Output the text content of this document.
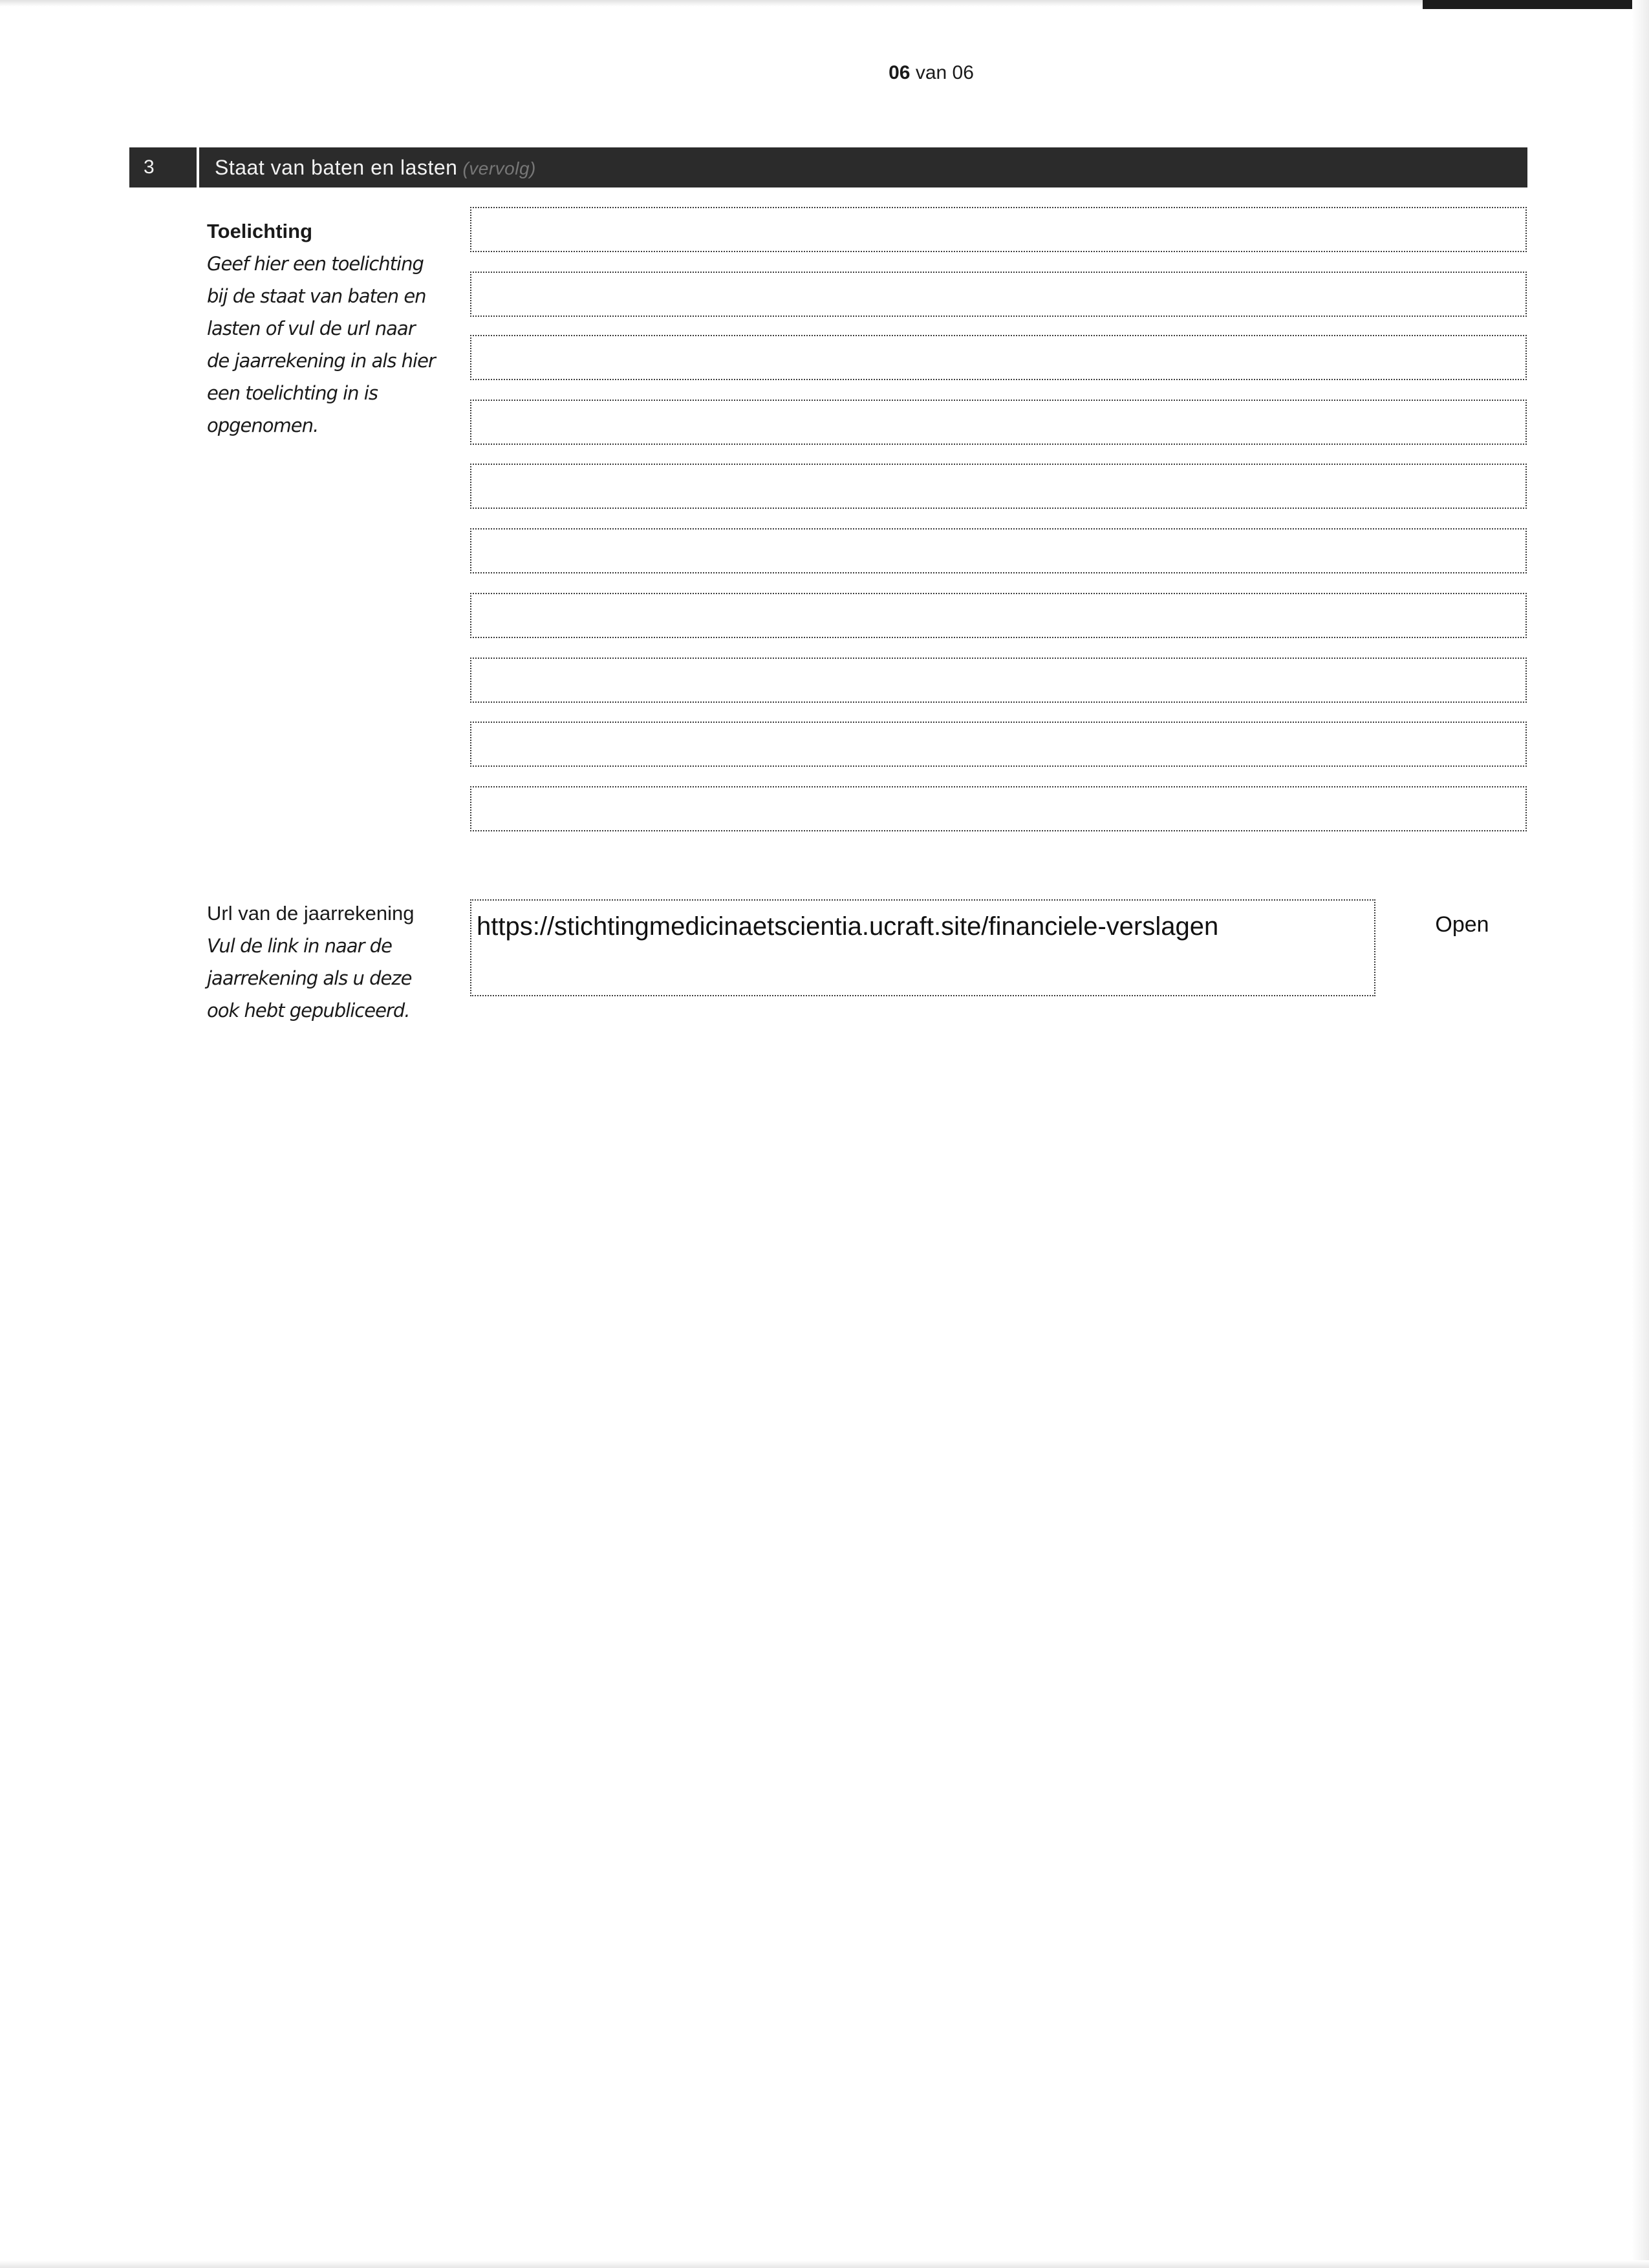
06 van 06
3	Staat van baten en lasten (vervolg)
Toelichting
Geef hier een toelichting
bij de staat van baten en
lasten of vul de url naar
de jaarrekening in als hier
een toelichting in is
opgenomen.
Url van de jaarrekening
Vul de link in naar de
jaarrekening als u deze
ook hebt gepubliceerd.
https://stichtingmedicinaetscientia.ucraft.site/financiele-verslagen	Open
